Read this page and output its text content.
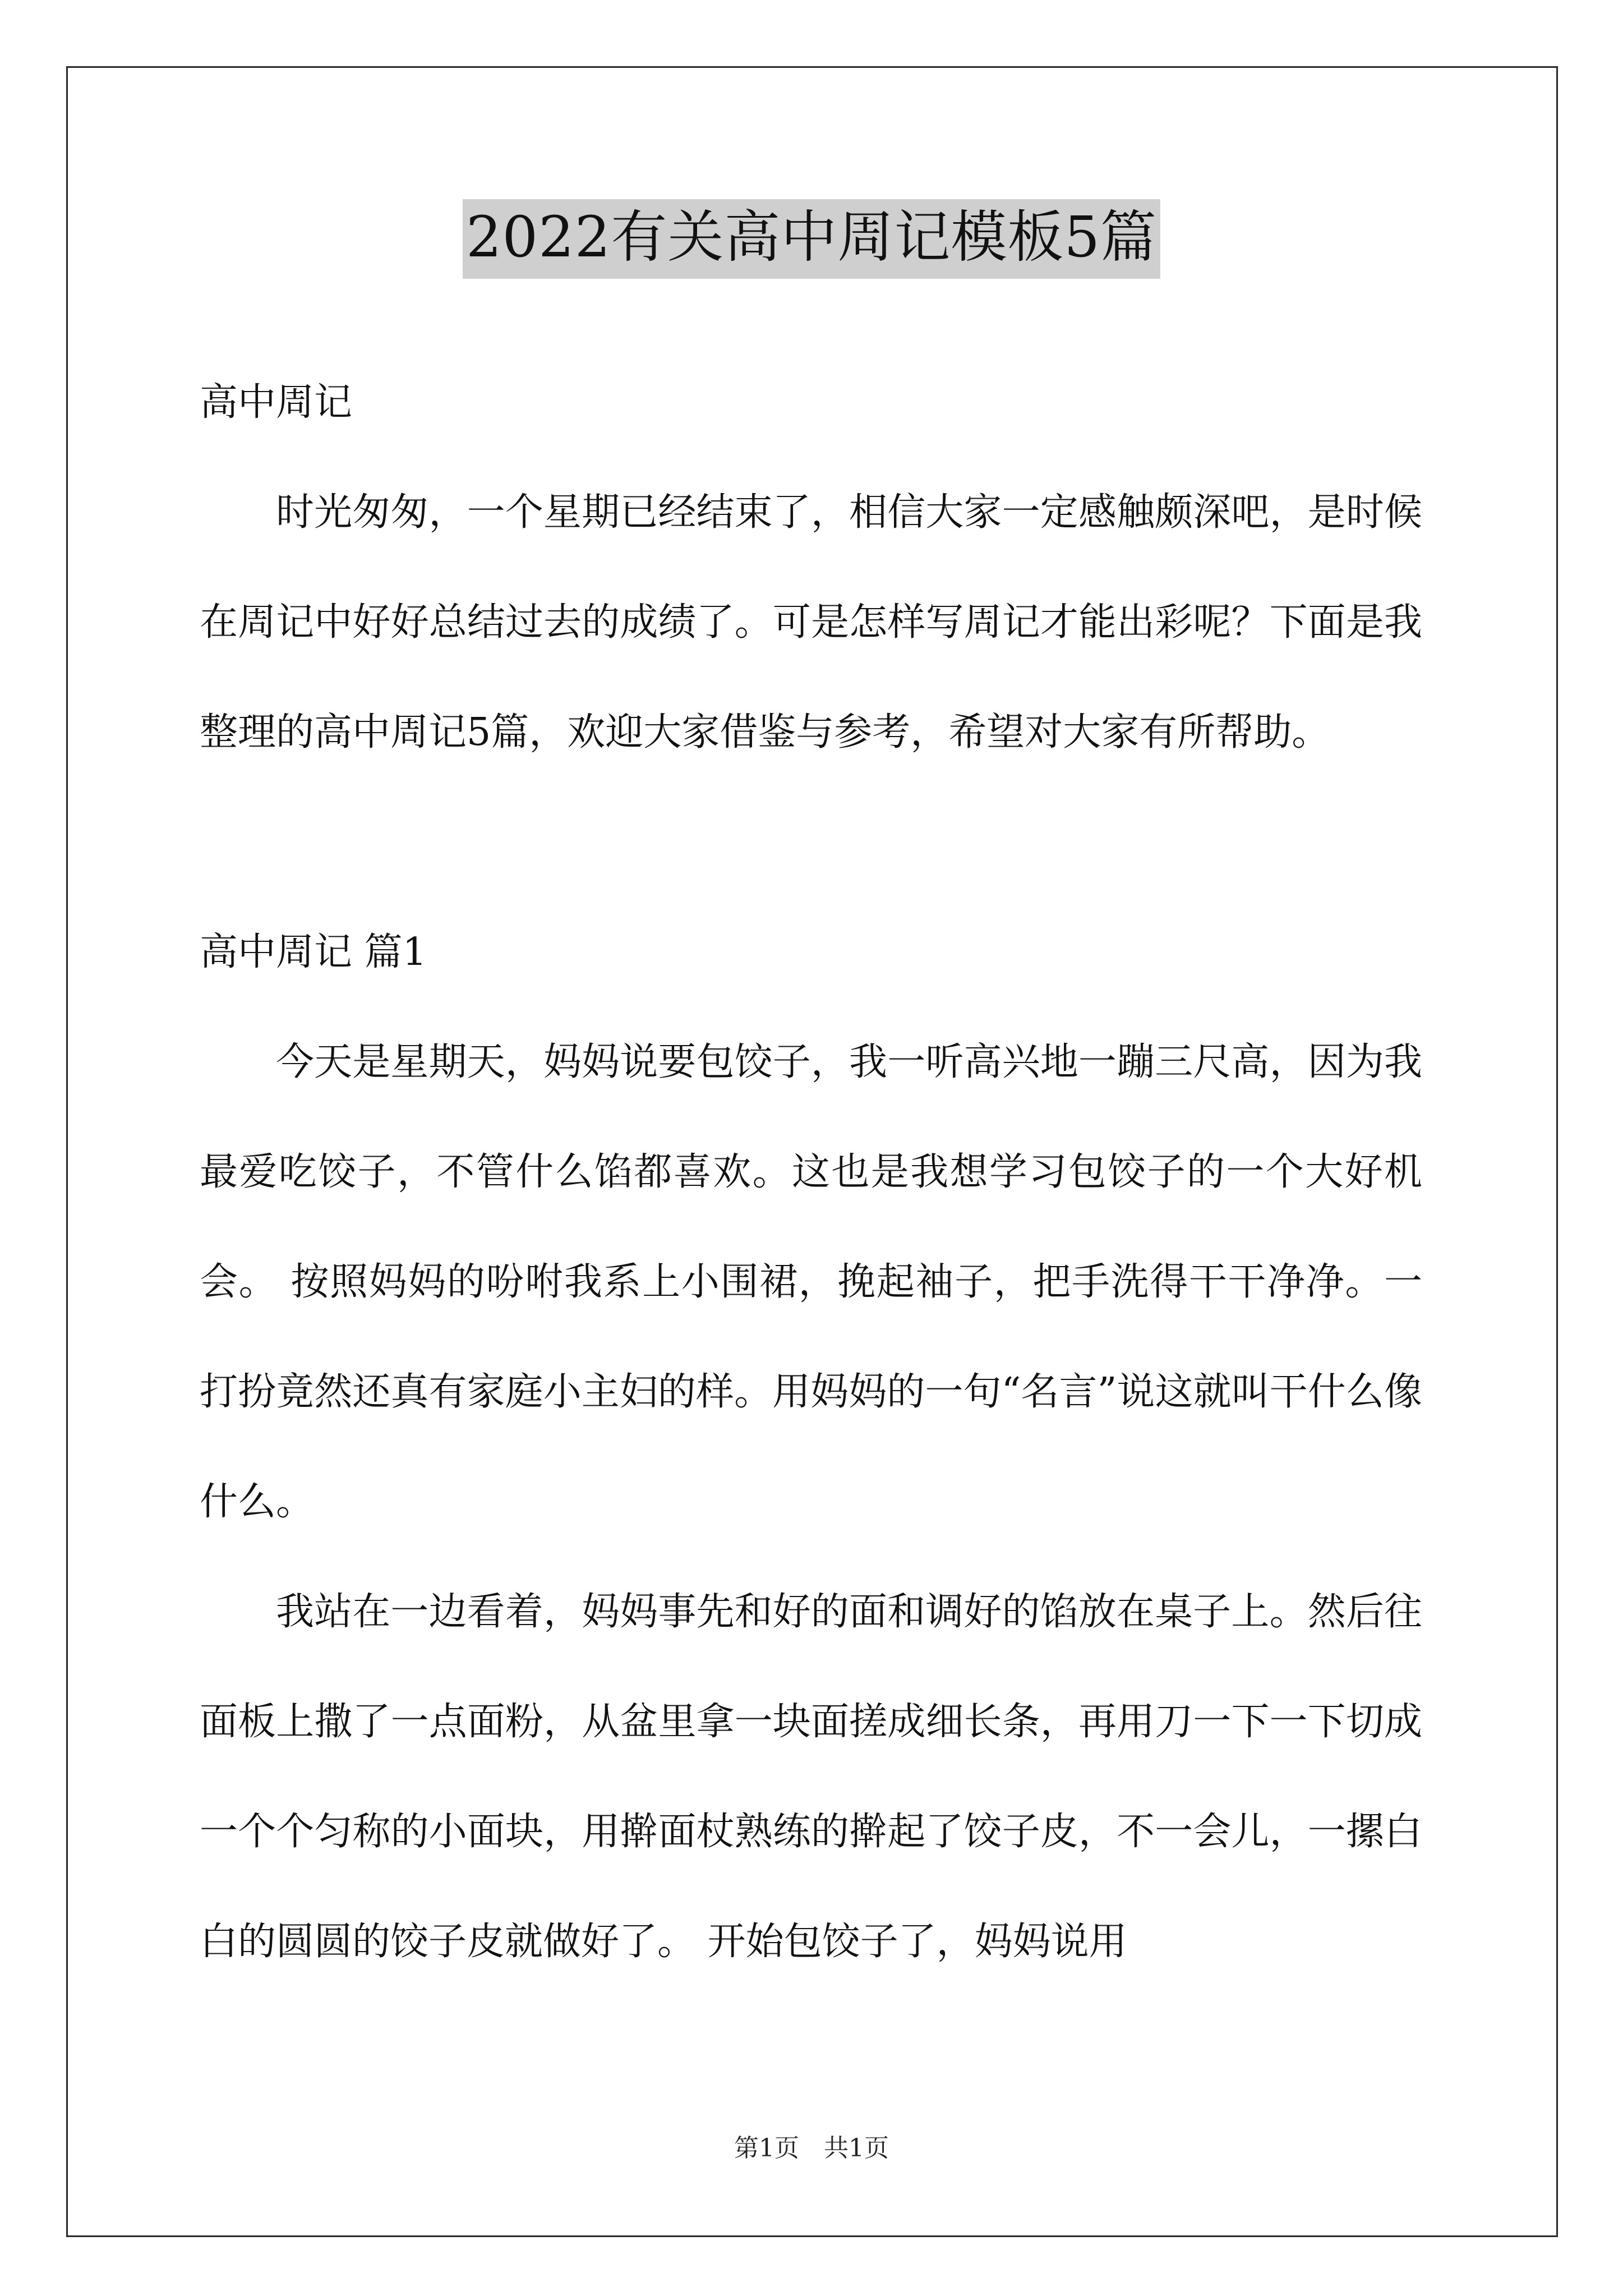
2022有关高中周记模板5篇

高中周记

时光匆匆，一个星期已经结束了，相信大家一定感触颇深吧，是时候在周记中好好总结过去的成绩了。可是怎样写周记才能出彩呢？下面是我整理的高中周记5篇，欢迎大家借鉴与参考，希望对大家有所帮助。

高中周记 篇1

今天是星期天，妈妈说要包饺子，我一听高兴地一蹦三尺高，因为我最爱吃饺子，不管什么馅都喜欢。这也是我想学习包饺子的一个大好机会。 按照妈妈的吩咐我系上小围裙，挽起袖子，把手洗得干干净净。一打扮竟然还真有家庭小主妇的样。用妈妈的一句“名言”说这就叫干什么像什么。

我站在一边看着，妈妈事先和好的面和调好的馅放在桌子上。然后往面板上撒了一点面粉，从盆里拿一块面搓成细长条，再用刀一下一下切成一个个匀称的小面块，用擀面杖熟练的擀起了饺子皮，不一会儿，一摞白白的圆圆的饺子皮就做好了。 开始包饺子了，妈妈说用

第1页　共1页
